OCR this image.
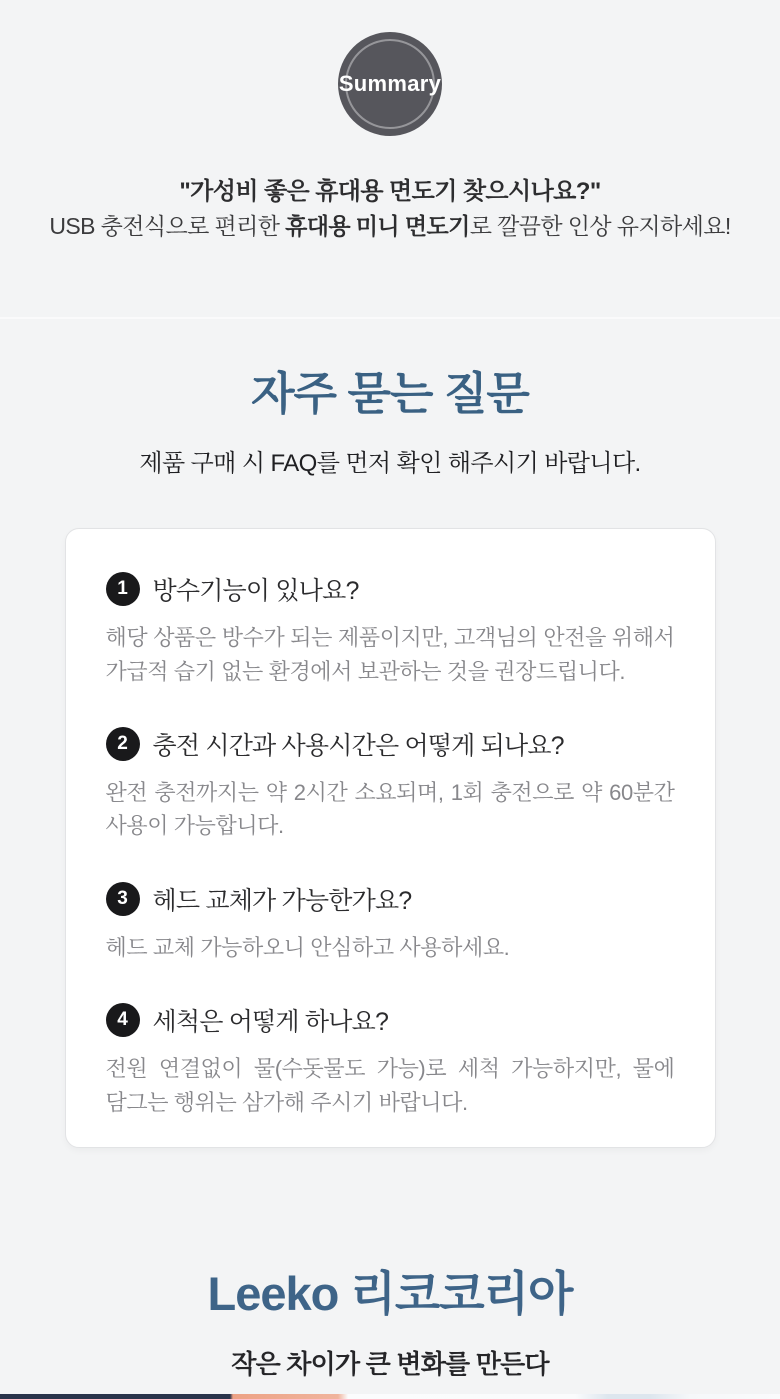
Summary

"가성비 좋은 휴대용 면도기 찾으시나요?"

USB 충전식으로 편리한 휴대용 미니 면도기로 깔끔한 인상 유지하세요!

자주 묻는 질문

제품 구매 시 FAQ를 먼저 확인 해주시기 바랍니다.

1 방수기능이 있나요?

해당 상품은 방수가 되는 제품이지만, 고객님의 안전을 위해서 가급적 습기 없는 환경에서 보관하는 것을 권장드립니다.

2 충전 시간과 사용시간은 어떻게 되나요?

완전 충전까지는 약 2시간 소요되며, 1회 충전으로 약 60분간 사용이 가능합니다.

3 헤드 교체가 가능한가요?

헤드 교체 가능하오니 안심하고 사용하세요.

4 세척은 어떻게 하나요?

전원 연결없이 물(수돗물도 가능)로 세척 가능하지만, 물에 담그는 행위는 삼가해 주시기 바랍니다.

Leeko 리코코리아

작은 차이가 큰 변화를 만든다
